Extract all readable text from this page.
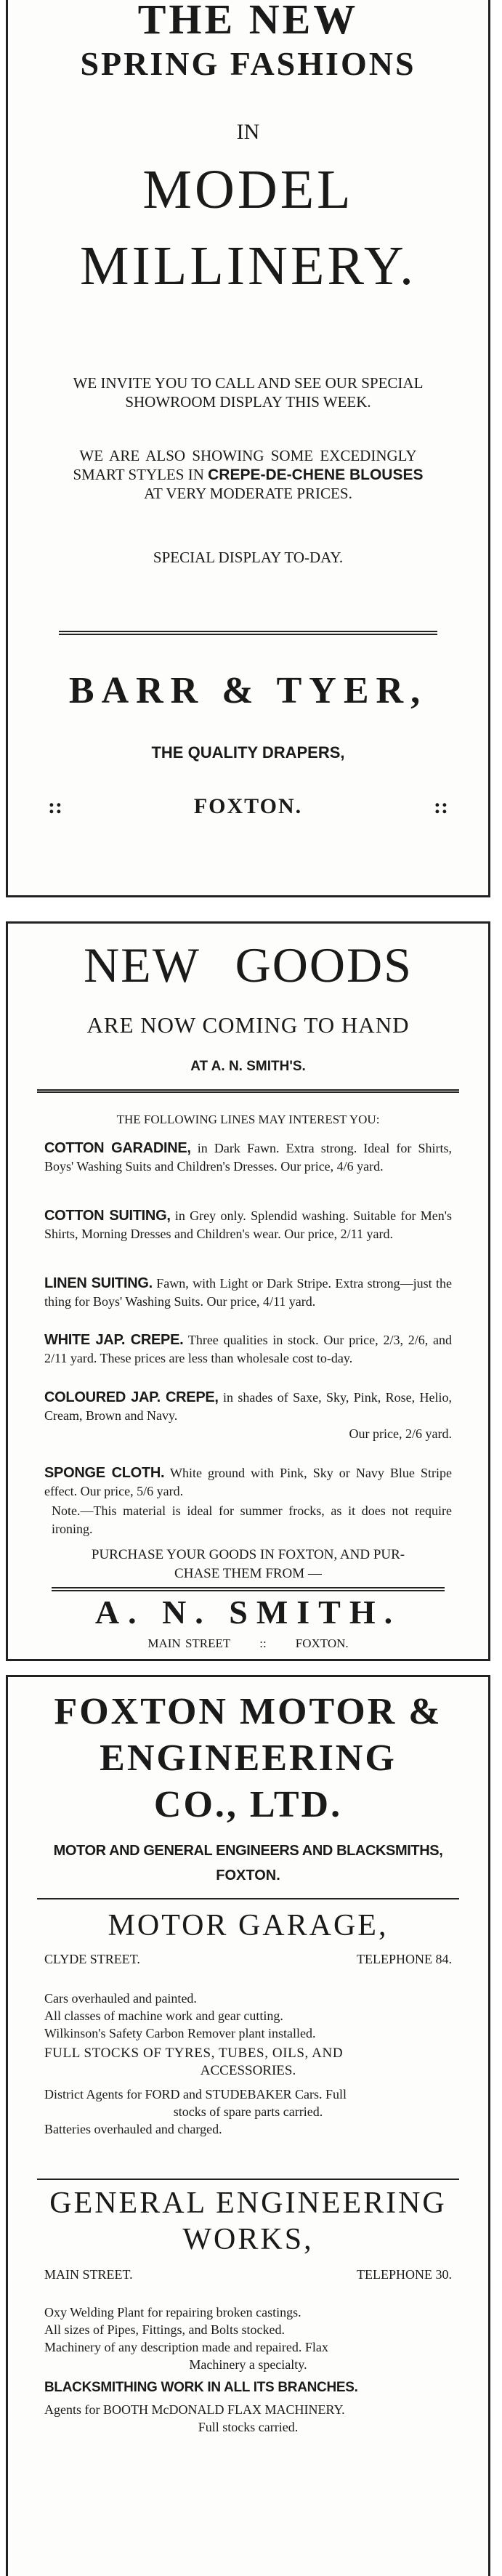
THE NEW

SPRING FASHIONS

IN

MODEL

MILLINERY.

WE INVITE YOU TO CALL AND SEE OUR SPECIAL

SHOWROOM DISPLAY THIS WEEK.

WE ARE ALSO SHOWING SOME EXCEDINGLY

SMART STYLES IN CREPE-DE-CHENE BLOUSES

AT VERY MODERATE PRICES.

SPECIAL DISPLAY TO-DAY.

BARR & TYER,

THE QUALITY DRAPERS,

::	FOXTON.	::

NEW GOODS

ARE NOW COMING TO HAND

AT A. N. SMITH'S.

THE FOLLOWING LINES MAY INTEREST YOU:

COTTON GARADINE, in Dark Fawn. Extra strong. Ideal for Shirts, Boys' Washing Suits and Children's Dresses. Our price, 4/6 yard.
COTTON SUITING, in Grey only. Splendid washing. Suitable for Men's Shirts, Morning Dresses and Children's wear. Our price, 2/11 yard.
LINEN SUITING. Fawn, with Light or Dark Stripe. Extra strong—just the thing for Boys' Washing Suits. Our price, 4/11 yard.
WHITE JAP. CREPE. Three qualities in stock. Our price, 2/3, 2/6, and 2/11 yard. These prices are less than wholesale cost to-day.
COLOURED JAP. CREPE, in shades of Saxe, Sky, Pink, Rose, Helio, Cream, Brown and Navy.
Our price, 2/6 yard.
SPONGE CLOTH. White ground with Pink, Sky or Navy Blue Stripe effect. Our price, 5/6 yard.
Note.—This material is ideal for summer frocks, as it does not require ironing.

PURCHASE YOUR GOODS IN FOXTON, AND PUR-

CHASE THEM FROM —

A. N. SMITH.

MAIN STREET :: FOXTON.

FOXTON MOTOR &

ENGINEERING

CO., LTD.

MOTOR AND GENERAL ENGINEERS AND BLACKSMITHS,

FOXTON.

MOTOR GARAGE,

CLYDE STREET.	TELEPHONE 84.

Cars overhauled and painted.
All classes of machine work and gear cutting.
Wilkinson's Safety Carbon Remover plant installed.
FULL STOCKS OF TYRES, TUBES, OILS, AND
ACCESSORIES.
District Agents for FORD and STUDEBAKER Cars. Full
stocks of spare parts carried.
Batteries overhauled and charged.

GENERAL ENGINEERING

WORKS,

MAIN STREET.	TELEPHONE 30.

Oxy Welding Plant for repairing broken castings.
All sizes of Pipes, Fittings, and Bolts stocked.
Machinery of any description made and repaired. Flax
Machinery a specialty.
BLACKSMITHING WORK IN ALL ITS BRANCHES.
Agents for BOOTH McDONALD FLAX MACHINERY.
Full stocks carried.
